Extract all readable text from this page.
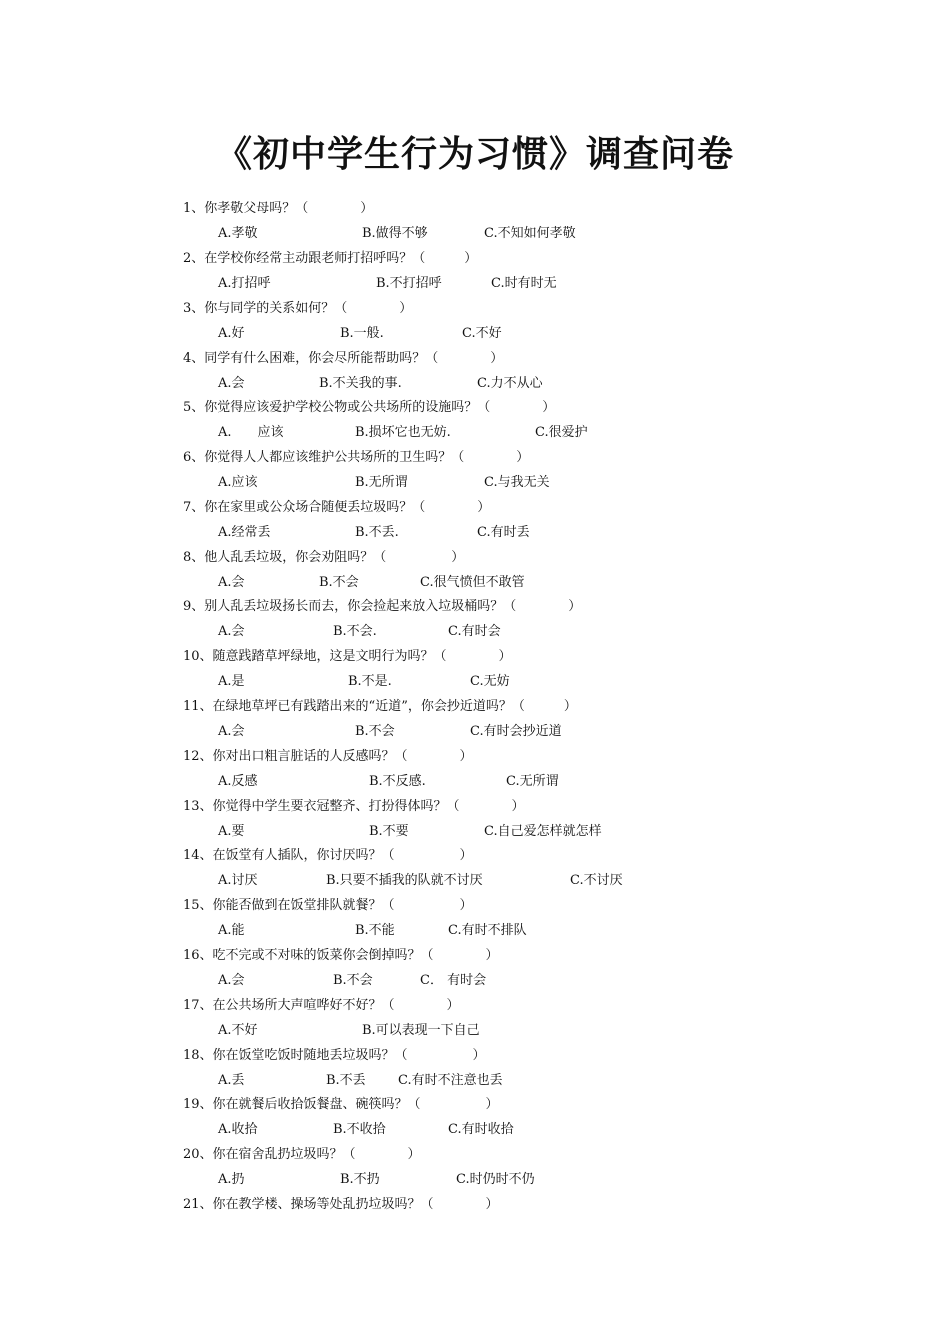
《初中学生行为习惯》调查问卷
1、你孝敬父母吗？（　　　　）
A.孝敬	B.做得不够	C.不知如何孝敬
2、在学校你经常主动跟老师打招呼吗？（　　　）
A.打招呼	B.不打招呼	C.时有时无
3、你与同学的关系如何？（　　　　）
A.好	B.一般.	C.不好
4、同学有什么困难，你会尽所能帮助吗？（　　　　）
A.会	B.不关我的事.	C.力不从心
5、你觉得应该爱护学校公物或公共场所的设施吗？（　　　　）
A.　　应该	B.损坏它也无妨.	C.很爱护
6、你觉得人人都应该维护公共场所的卫生吗？（　　　　）
A.应该	B.无所谓	C.与我无关
7、你在家里或公众场合随便丢垃圾吗？（　　　　）
A.经常丢	B.不丢.	C.有时丢
8、他人乱丢垃圾，你会劝阻吗？（　　　　　）
A.会	B.不会	C.很气愤但不敢管
9、别人乱丢垃圾扬长而去，你会捡起来放入垃圾桶吗？（　　　　）
A.会	B.不会.	C.有时会
10、随意践踏草坪绿地，这是文明行为吗？（　　　　）
A.是	B.不是.	C.无妨
11、在绿地草坪已有践踏出来的“近道”，你会抄近道吗？（　　　）
A.会	B.不会	C.有时会抄近道
12、你对出口粗言脏话的人反感吗？（　　　　）
A.反感	B.不反感.	C.无所谓
13、你觉得中学生要衣冠整齐、打扮得体吗？（　　　　）
A.要	B.不要	C.自己爱怎样就怎样
14、在饭堂有人插队，你讨厌吗？（　　　　　）
A.讨厌	B.只要不插我的队就不讨厌	C.不讨厌
15、你能否做到在饭堂排队就餐？（　　　　　）
A.能	B.不能	C.有时不排队
16、吃不完或不对味的饭菜你会倒掉吗？（　　　　）
A.会	B.不会	C． 有时会
17、在公共场所大声喧哗好不好？（　　　　）
A.不好	B.可以表现一下自己
18、你在饭堂吃饭时随地丢垃圾吗？（　　　　　）
A.丢	B.不丢 C.有时不注意也丢
19、你在就餐后收拾饭餐盘、碗筷吗？（　　　　　）
A.收拾	B.不收拾	C.有时收拾
20、你在宿舍乱扔垃圾吗？（　　　　）
A.扔	B.不扔	C.时仍时不仍
21、你在教学楼、操场等处乱扔垃圾吗？（　　　　）
